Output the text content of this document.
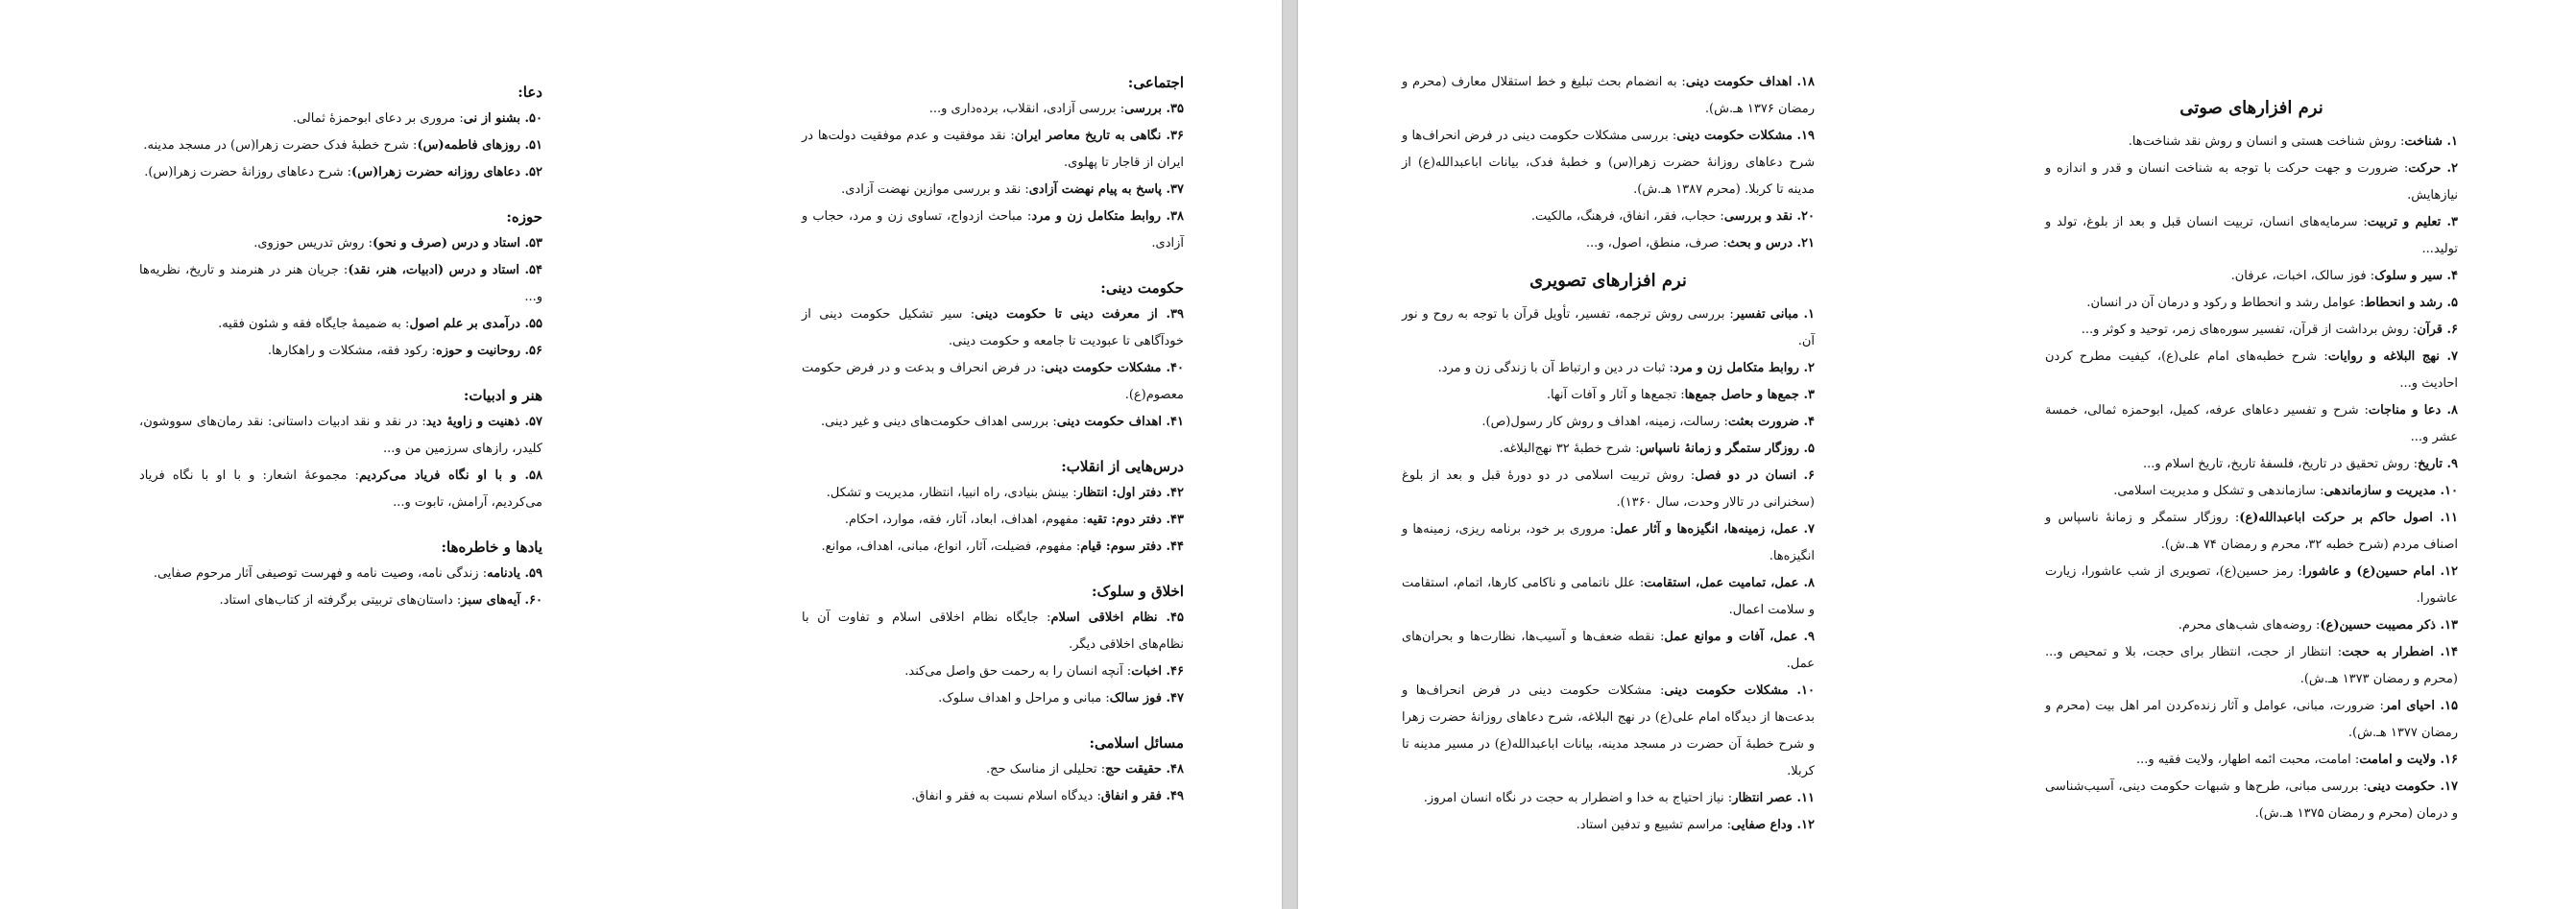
دعا:

۵۰. بشنو از نی: مروری بر دعای ابوحمزهٔ ثمالی.

۵۱. روزهای فاطمه(س): شرح خطبهٔ فدک حضرت زهرا(س) در مسجد مدینه.

۵۲. دعاهای روزانه حضرت زهرا(س): شرح دعاهای روزانهٔ حضرت زهرا(س).

حوزه:

۵۳. استاد و درس (صرف و نحو): روش تدریس حوزوی.

۵۴. استاد و درس (ادبیات، هنر، نقد): جریان هنر در هنرمند و تاریخ، نظریه‌ها و...

۵۵. درآمدی بر علم اصول: به ضمیمهٔ جایگاه فقه و شئون فقیه.

۵۶. روحانیت و حوزه: رکود فقه، مشکلات و راهکارها.

هنر و ادبیات:

۵۷. ذهنیت و زاویهٔ دید: در نقد و نقد ادبیات داستانی: نقد رمان‌های سووشون، کلیدر، رازهای سرزمین من و...

۵۸. و با او نگاه فریاد می‌کردیم: مجموعهٔ اشعار: و با او با نگاه فریاد می‌کردیم، آرامش، تابوت و...

یادها و خاطره‌ها:

۵۹. یادنامه: زندگی نامه، وصیت نامه و فهرست توصیفی آثار مرحوم صفایی.

۶۰. آیه‌های سبز: داستان‌های تربیتی برگرفته از کتاب‌های استاد.

اجتماعی:

۳۵. بررسی: بررسی آزادی، انقلاب، برده‌داری و...

۳۶. نگاهی به تاریخ معاصر ایران: نقد موفقیت و عدم موفقیت دولت‌ها در ایران از قاجار تا پهلوی.

۳۷. پاسخ به پیام نهضت آزادی: نقد و بررسی موازین نهضت آزادی.

۳۸. روابط متکامل زن و مرد: مباحث ازدواج، تساوی زن و مرد، حجاب و آزادی.

حکومت دینی:

۳۹. از معرفت دینی تا حکومت دینی: سیر تشکیل حکومت دینی از خودآگاهی تا عبودیت تا جامعه و حکومت دینی.

۴۰. مشکلات حکومت دینی: در فرض انحراف و بدعت و در فرض حکومت معصوم(ع).

۴۱. اهداف حکومت دینی: بررسی اهداف حکومت‌های دینی و غیر دینی.

درس‌هایی از انقلاب:

۴۲. دفتر اول: انتظار: بینش بنیادی، راه انبیا، انتظار، مدیریت و تشکل.

۴۳. دفتر دوم: تقیه: مفهوم، اهداف، ابعاد، آثار، فقه، موارد، احکام.

۴۴. دفتر سوم: قیام: مفهوم، فضیلت، آثار، انواع، مبانی، اهداف، موانع.

اخلاق و سلوک:

۴۵. نظام اخلاقی اسلام: جایگاه نظام اخلاقی اسلام و تفاوت آن با نظام‌های اخلاقی دیگر.

۴۶. اخبات: آنچه انسان را به رحمت حق واصل می‌کند.

۴۷. فوز سالک: مبانی و مراحل و اهداف سلوک.

مسائل اسلامی:

۴۸. حقیقت حج: تحلیلی از مناسک حج.

۴۹. فقر و انفاق: دیدگاه اسلام نسبت به فقر و انفاق.

۱۸. اهداف حکومت دینی: به انضمام بحث تبلیغ و خط استقلال معارف (محرم و رمضان ۱۳۷۶ هـ.ش).

۱۹. مشکلات حکومت دینی: بررسی مشکلات حکومت دینی در فرض انحراف‌ها و شرح دعاهای روزانهٔ حضرت زهرا(س) و خطبهٔ فدک، بیانات اباعبدالله(ع) از مدینه تا کربلا. (محرم ۱۳۸۷ هـ.ش).

۲۰. نقد و بررسی: حجاب، فقر، انفاق، فرهنگ، مالکیت.

۲۱. درس و بحث: صرف، منطق، اصول، و...

نرم افزارهای تصویری

۱. مبانی تفسیر: بررسی روش ترجمه، تفسیر، تأویل قرآن با توجه به روح و نور آن.

۲. روابط متکامل زن و مرد: ثبات در دین و ارتباط آن با زندگی زن و مرد.

۳. جمع‌ها و حاصل جمع‌ها: تجمع‌ها و آثار و آفات آنها.

۴. ضرورت بعثت: رسالت، زمینه، اهداف و روش کار رسول(ص).

۵. روزگار ستمگر و زمانهٔ ناسپاس: شرح خطبهٔ ۳۲ نهج‌البلاغه.

۶. انسان در دو فصل: روش تربیت اسلامی در دو دورهٔ قبل و بعد از بلوغ (سخنرانی در تالار وحدت، سال ۱۳۶۰).

۷. عمل، زمینه‌ها، انگیزه‌ها و آثار عمل: مروری بر خود، برنامه ریزی، زمینه‌ها و انگیزه‌ها.

۸. عمل، تمامیت عمل، استقامت: علل ناتمامی و ناکامی‌ کارها، اتمام، استقامت و سلامت اعمال.

۹. عمل، آفات و موانع عمل: نقطه ضعف‌ها و آسیب‌ها، نظارت‌ها و بحران‌های عمل.

۱۰. مشکلات حکومت دینی: مشکلات حکومت دینی در فرض انحراف‌ها و بدعت‌ها از دیدگاه امام علی(ع) در نهج البلاغه، شرح دعاهای روزانهٔ حضرت زهرا و شرح خطبهٔ آن حضرت در مسجد مدینه، بیانات اباعبدالله(ع) در مسیر مدینه تا کربلا.

۱۱. عصر انتظار: نیاز احتیاج به خدا و اضطرار به حجت در نگاه انسان امروز.

۱۲. وداع صفایی: مراسم تشییع و تدفین استاد.

نرم افزارهای صوتی

۱. شناخت: روش شناخت هستی و انسان و روش نقد شناخت‌ها.

۲. حرکت: ضرورت و جهت حرکت با توجه به شناخت انسان و قدر و اندازه و نیازهایش.

۳. تعلیم و تربیت: سرمایه‌های انسان، تربیت انسان قبل و بعد از بلوغ، تولد و تولید...

۴. سیر و سلوک: فوز سالک، اخبات، عرفان.

۵. رشد و انحطاط: عوامل رشد و انحطاط و رکود و درمان آن در انسان.

۶. قرآن: روش برداشت از قرآن، تفسیر سوره‌های زمر، توحید و کوثر و...

۷. نهج البلاغه و روایات: شرح خطبه‌های امام علی(ع)، کیفیت مطرح کردن احادیث و...

۸. دعا و مناجات: شرح و تفسیر دعاهای عرفه، کمیل، ابوحمزه ثمالی، خمسة عشر و...

۹. تاریخ: روش تحقیق در تاریخ، فلسفهٔ تاریخ، تاریخ اسلام و...

۱۰. مدیریت و سازماندهی: سازماندهی و تشکل و مدیریت اسلامی.

۱۱. اصول حاکم بر حرکت اباعبدالله(ع): روزگار ستمگر و زمانهٔ ناسپاس و اصناف مردم (شرح خطبه ۳۲، محرم و رمضان ۷۴ هـ.ش).

۱۲. امام حسین(ع) و عاشورا: رمز حسین(ع)، تصویری از شب عاشورا، زیارت عاشورا.

۱۳. ذکر مصیبت حسین(ع): روضه‌های شب‌های محرم.

۱۴. اضطرار به حجت: انتظار از حجت، انتظار برای حجت، بلا و تمحیص و... (محرم و رمضان ۱۳۷۳ هـ.ش).

۱۵. احیای امر: ضرورت، مبانی، عوامل و آثار زنده‌کردن امر اهل بیت (محرم و رمضان ۱۳۷۷ هـ.ش).

۱۶. ولایت و امامت: امامت، محبت ائمه اطهار، ولایت فقیه و...

۱۷. حکومت دینی: بررسی مبانی، طرح‌ها و شبهات حکومت دینی، آسیب‌شناسی و درمان (محرم و رمضان ۱۳۷۵ هـ.ش).
